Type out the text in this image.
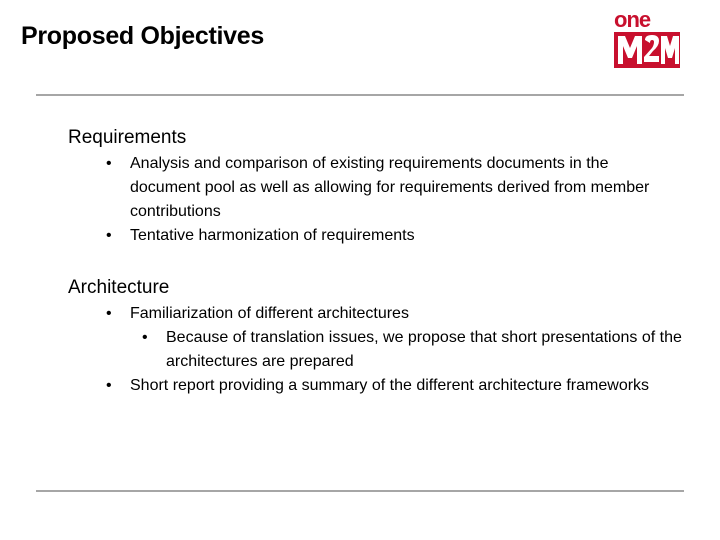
Proposed Objectives
one
Requirements
• Analysis and comparison of existing requirements documents in the document pool as well as allowing for requirements derived from member contributions
• Tentative harmonization of requirements
Architecture
• Familiarization of different architectures
• Because of translation issues, we propose that short presentations of the architectures are prepared
• Short report providing a summary of the different architecture frameworks
